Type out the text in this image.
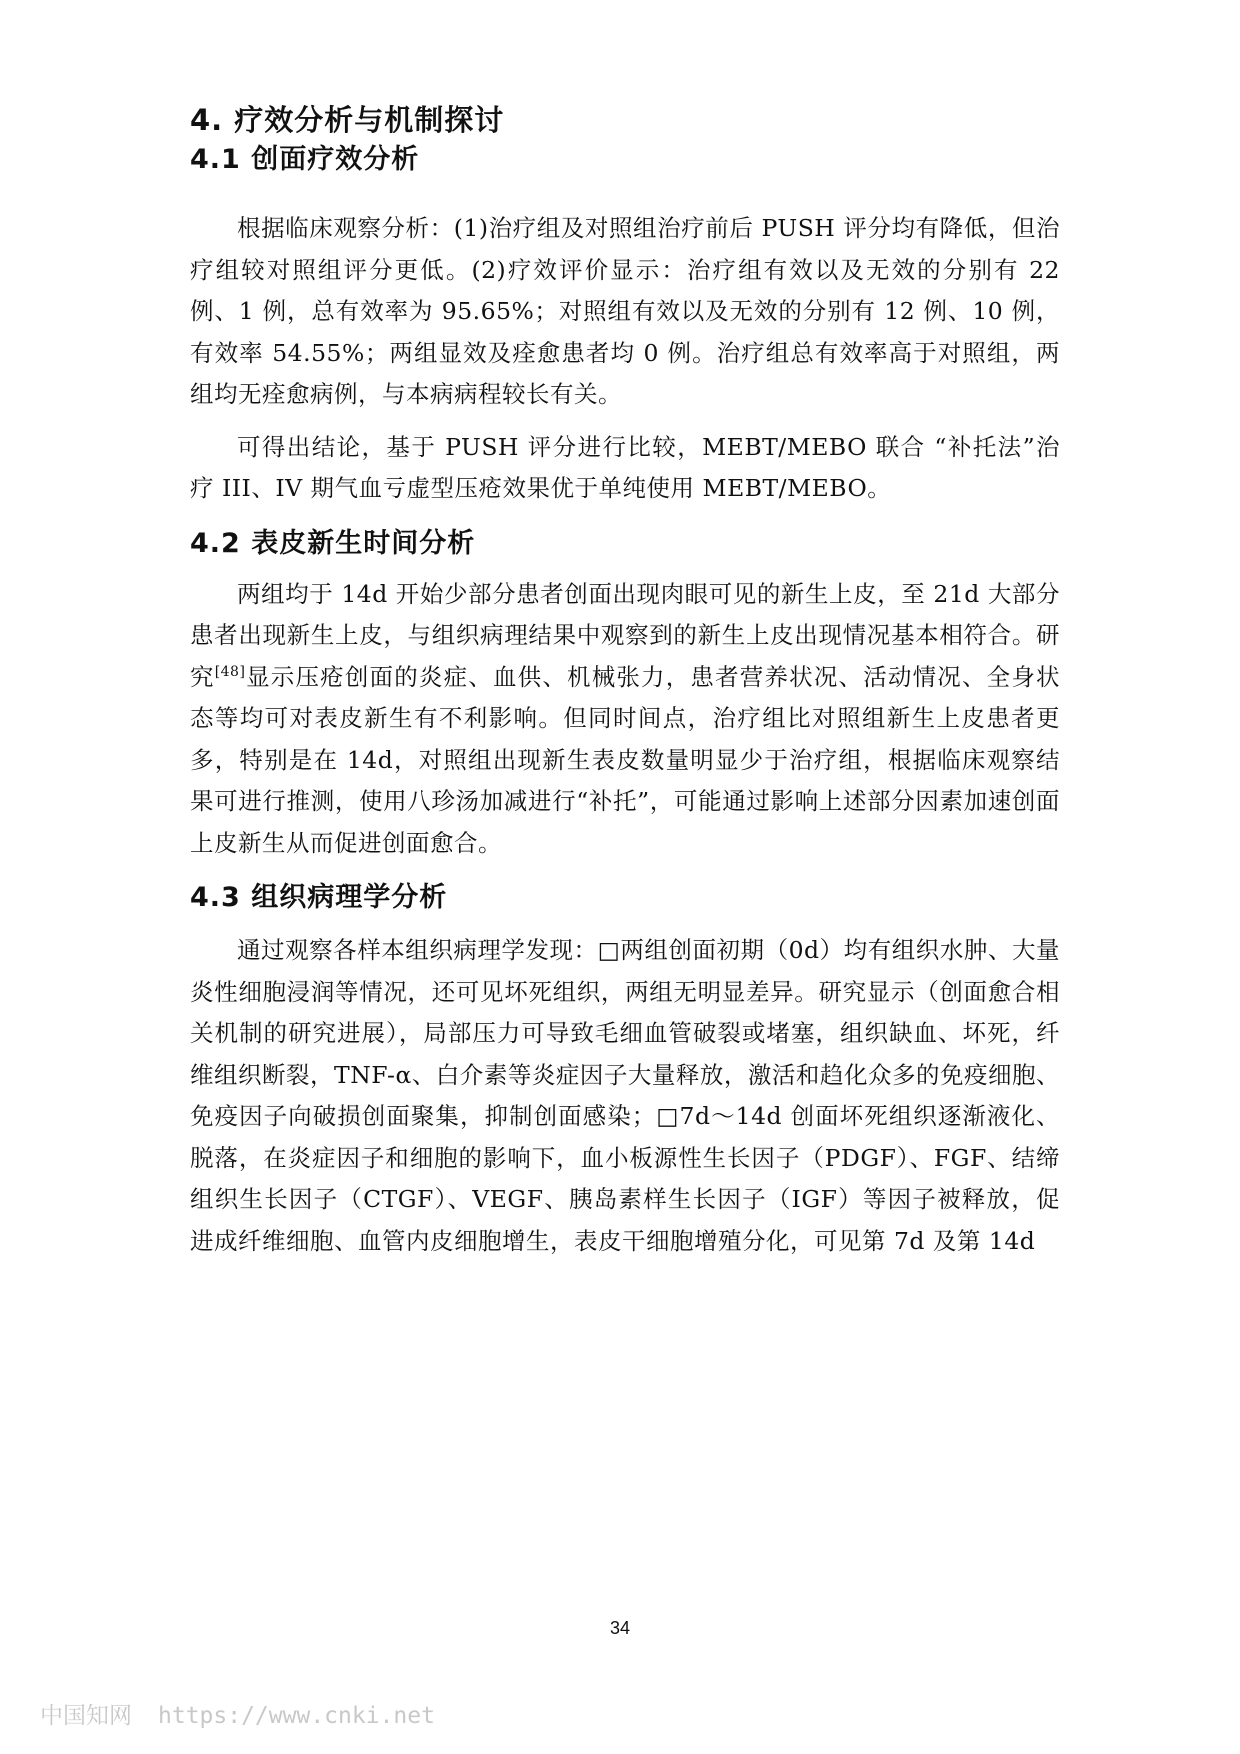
4. 疗效分析与机制探讨
4.1 创面疗效分析

根据临床观察分析：(1)治疗组及对照组治疗前后 PUSH 评分均有降低，但治疗组较对照组评分更低。(2)疗效评价显示：治疗组有效以及无效的分别有 22 例、1 例，总有效率为 95.65%；对照组有效以及无效的分别有 12 例、10 例，有效率 54.55%；两组显效及痊愈患者均 0 例。治疗组总有效率高于对照组，两组均无痊愈病例，与本病病程较长有关。

可得出结论，基于 PUSH 评分进行比较，MEBT/MEBO 联合 “补托法”治疗 III、IV 期气血亏虚型压疮效果优于单纯使用 MEBT/MEBO。

4.2 表皮新生时间分析

两组均于 14d 开始少部分患者创面出现肉眼可见的新生上皮，至 21d 大部分患者出现新生上皮，与组织病理结果中观察到的新生上皮出现情况基本相符合。研究[48]显示压疮创面的炎症、血供、机械张力，患者营养状况、活动情况、全身状态等均可对表皮新生有不利影响。但同时间点，治疗组比对照组新生上皮患者更多，特别是在 14d，对照组出现新生表皮数量明显少于治疗组，根据临床观察结果可进行推测，使用八珍汤加减进行“补托”，可能通过影响上述部分因素加速创面上皮新生从而促进创面愈合。

4.3 组织病理学分析

通过观察各样本组织病理学发现：□两组创面初期（0d）均有组织水肿、大量炎性细胞浸润等情况，还可见坏死组织，两组无明显差异。研究显示（创面愈合相关机制的研究进展），局部压力可导致毛细血管破裂或堵塞，组织缺血、坏死，纤维组织断裂，TNF-α、白介素等炎症因子大量释放，激活和趋化众多的免疫细胞、免疫因子向破损创面聚集，抑制创面感染；□7d～14d 创面坏死组织逐渐液化、脱落，在炎症因子和细胞的影响下，血小板源性生长因子（PDGF）、FGF、结缔组织生长因子（CTGF）、VEGF、胰岛素样生长因子（IGF）等因子被释放，促进成纤维细胞、血管内皮细胞增生，表皮干细胞增殖分化，可见第 7d 及第 14d

34
中国知网 https://www.cnki.net
